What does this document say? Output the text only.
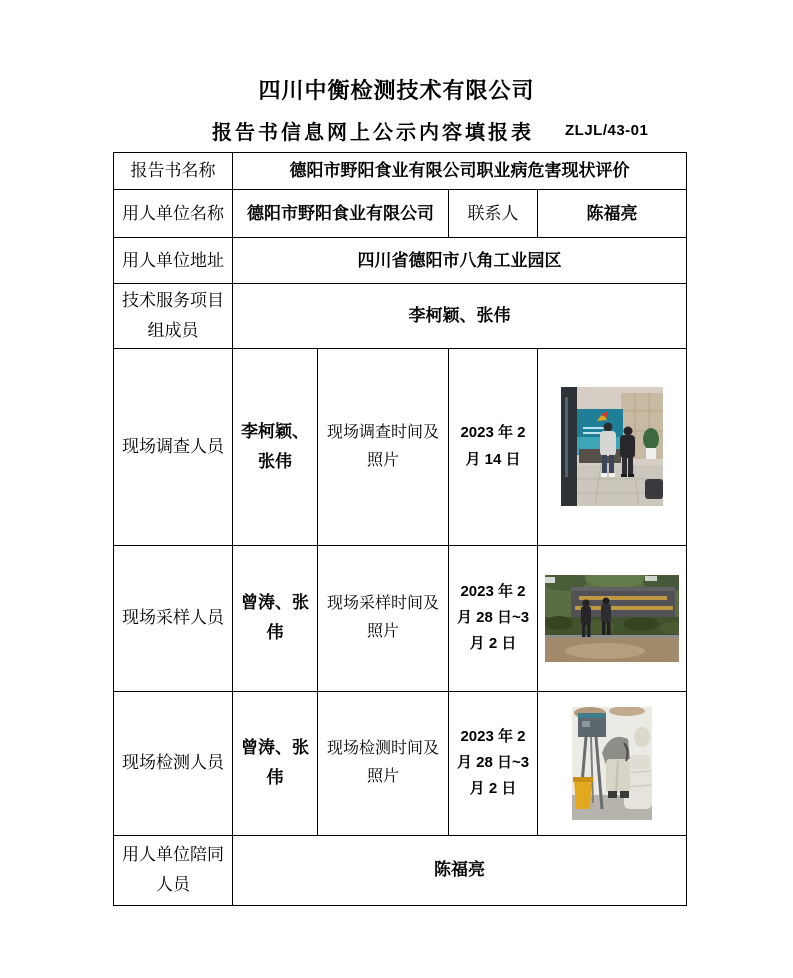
四川中衡检测技术有限公司
报告书信息网上公示内容填报表 ZLJL/43-01
报告书名称	德阳市野阳食业有限公司职业病危害现状评价			
用人单位名称	德阳市野阳食业有限公司		联系人	陈福亮
用人单位地址	四川省德阳市八角工业园区			
技术服务项目组成员	李柯颖、张伟			
现场调查人员	李柯颖、张伟	现场调查时间及照片	2023 年 2 月 14 日	

现场采样人员	曾涛、张伟	现场采样时间及照片	2023 年 2 月 28 日~3 月 2 日	

现场检测人员	曾涛、张伟	现场检测时间及照片	2023 年 2 月 28 日~3 月 2 日	

用人单位陪同人员	陈福亮			
